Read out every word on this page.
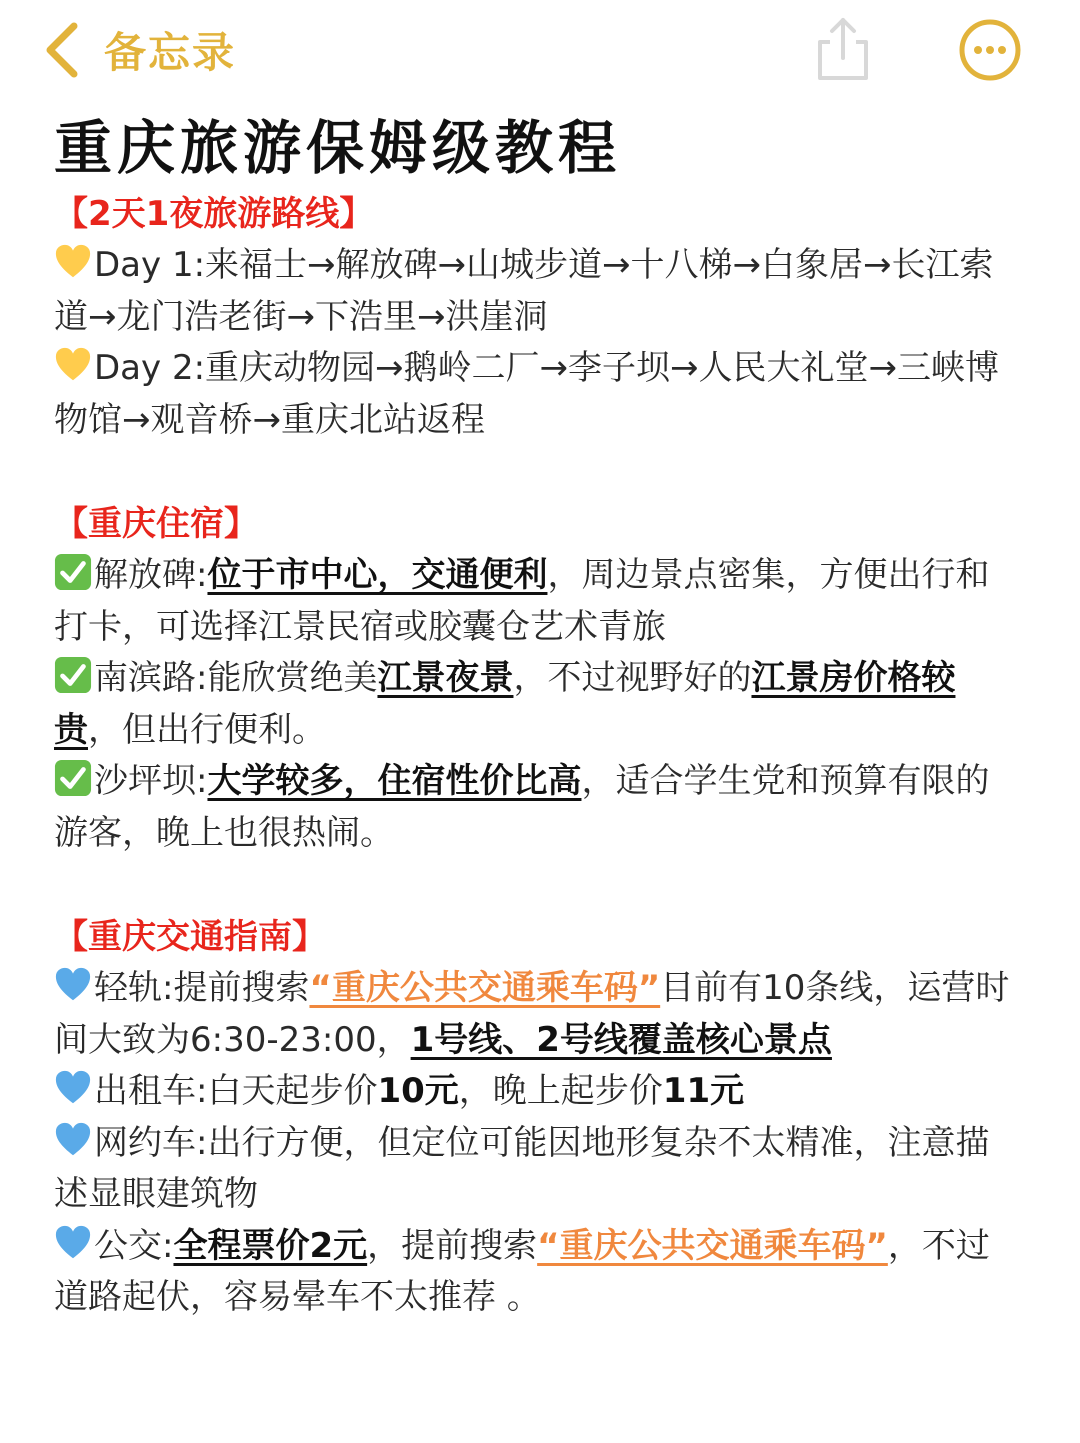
备忘录
重庆旅游保姆级教程
【2天1夜旅游路线】
Day 1:来福士→解放碑→山城步道→十八梯→白象居→长江索道→龙门浩老街→下浩里→洪崖洞
Day 2:重庆动物园→鹅岭二厂→李子坝→人民大礼堂→三峡博物馆→观音桥→重庆北站返程
【重庆住宿】
解放碑:位于市中心，交通便利，周边景点密集，方便出行和打卡，可选择江景民宿或胶囊仓艺术青旅
南滨路:能欣赏绝美江景夜景，不过视野好的江景房价格较贵，但出行便利。
沙坪坝:大学较多，住宿性价比高，适合学生党和预算有限的游客，晚上也很热闹。
【重庆交通指南】
轻轨:提前搜索“重庆公共交通乘车码”目前有10条线，运营时间大致为6:30-23:00，1号线、2号线覆盖核心景点
出租车:白天起步价10元，晚上起步价11元
网约车:出行方便，但定位可能因地形复杂不太精准，注意描述显眼建筑物
公交:全程票价2元，提前搜索“重庆公共交通乘车码”，不过道路起伏，容易晕车不太推荐 。
